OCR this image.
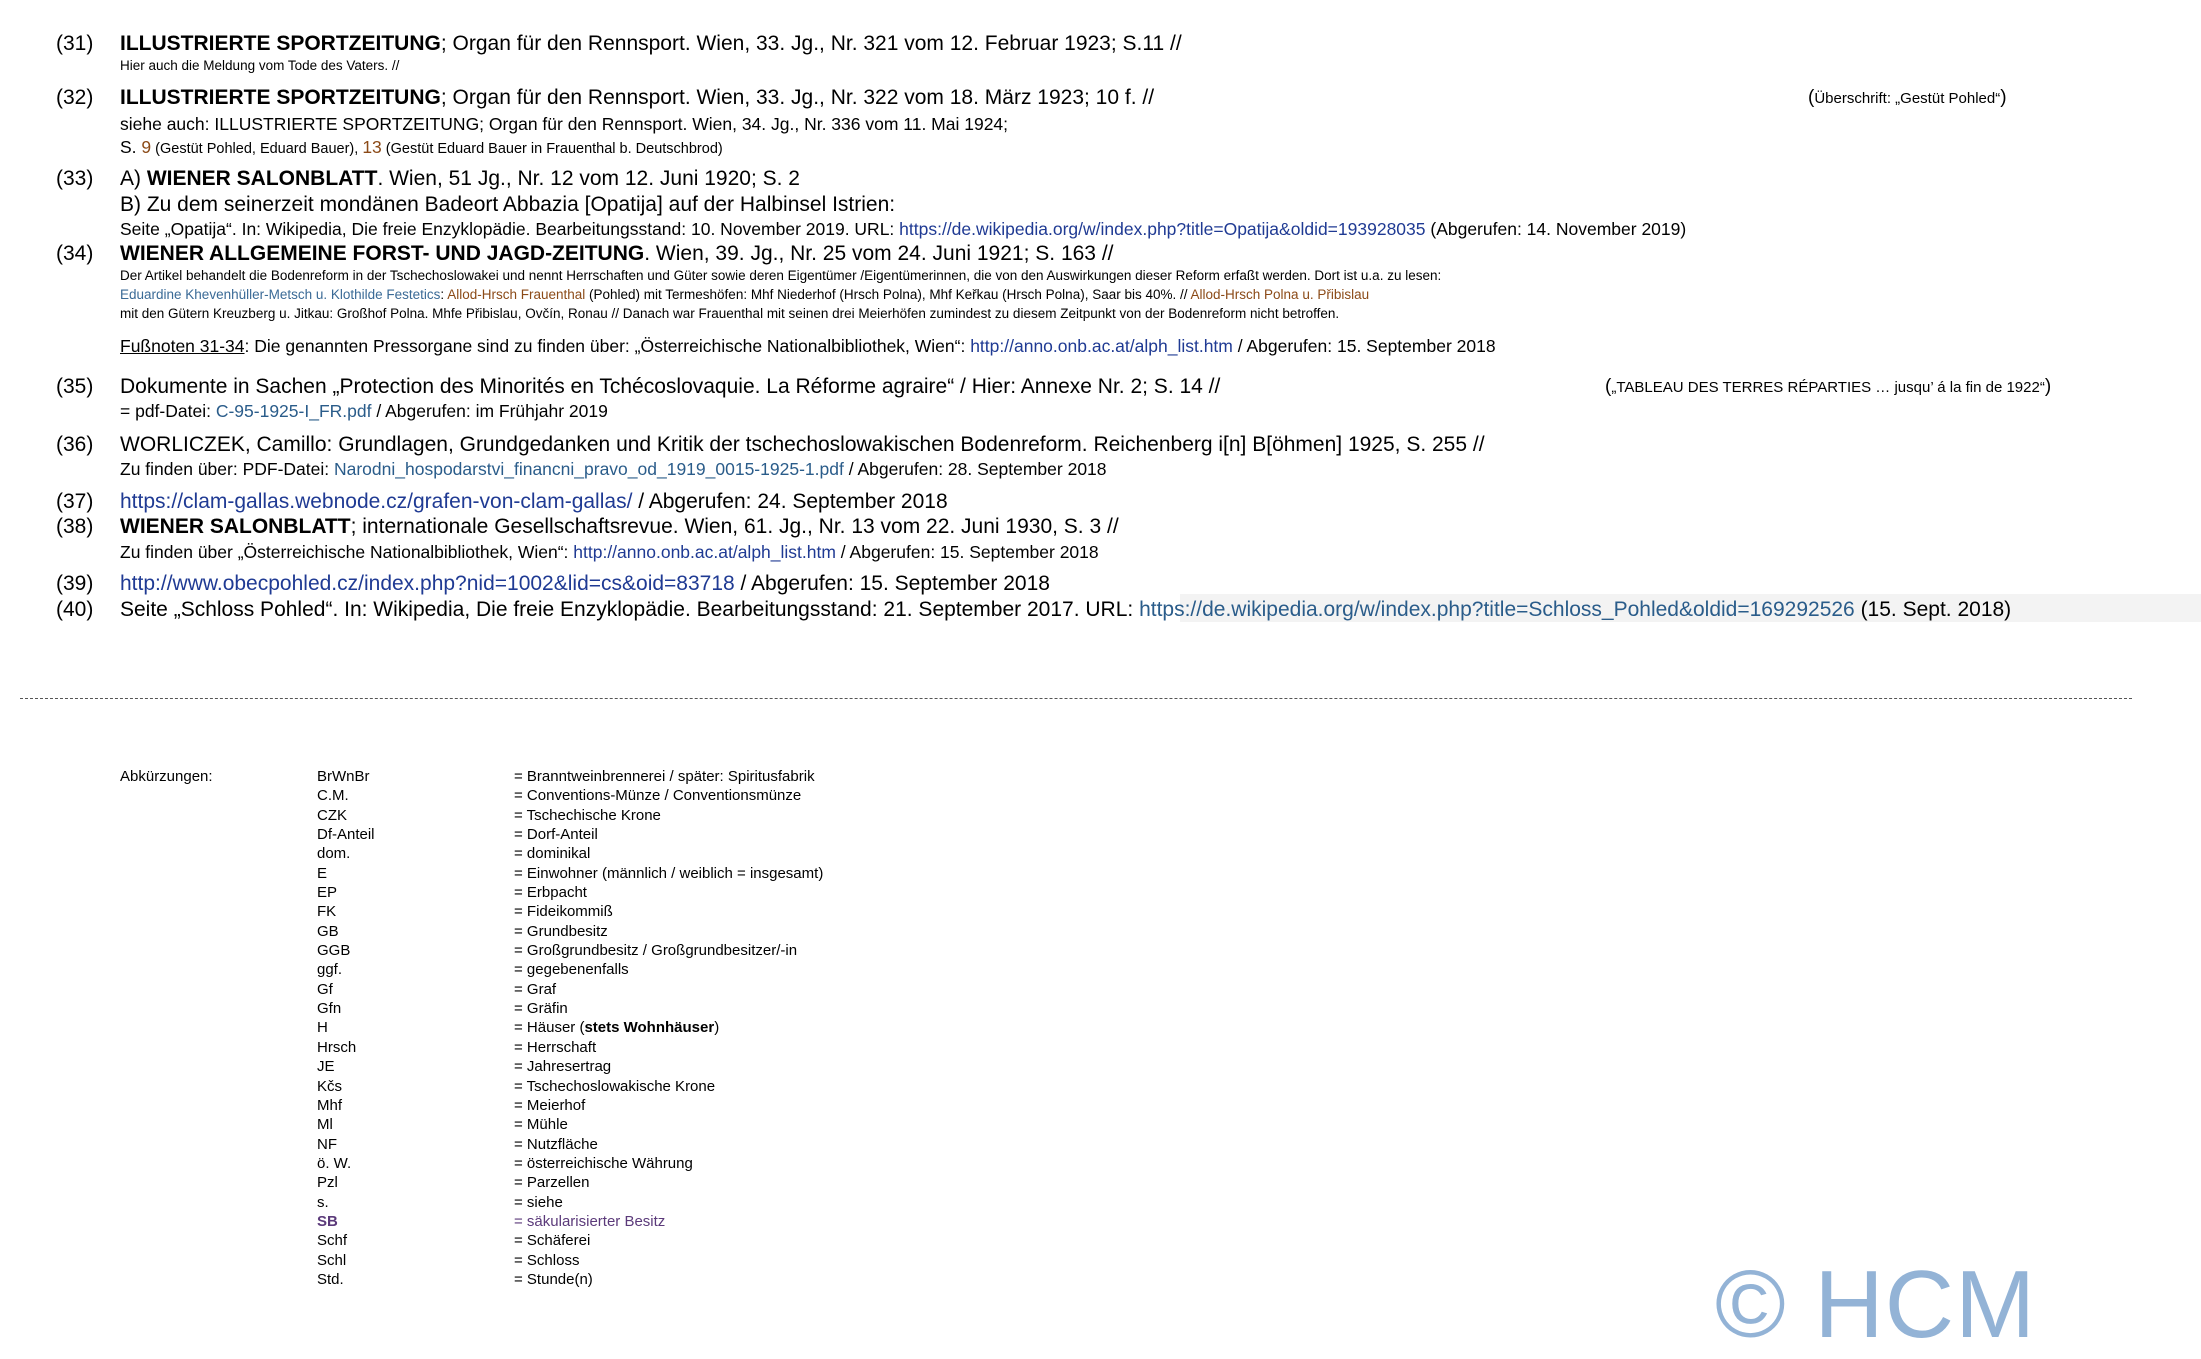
(31) ILLUSTRIERTE SPORTZEITUNG; Organ für den Rennsport. Wien, 33. Jg., Nr. 321 vom 12. Februar 1923; S.11 //
Hier auch die Meldung vom Tode des Vaters. //
(32) ILLUSTRIERTE SPORTZEITUNG; Organ für den Rennsport. Wien, 33. Jg., Nr. 322 vom 18. März 1923; 10 f. //	(Überschrift: „Gestüt Pohled“)
siehe auch: ILLUSTRIERTE SPORTZEITUNG; Organ für den Rennsport. Wien, 34. Jg., Nr. 336 vom 11. Mai 1924;
S. 9 (Gestüt Pohled, Eduard Bauer), 13 (Gestüt Eduard Bauer in Frauenthal b. Deutschbrod)
(33) A) WIENER SALONBLATT. Wien, 51 Jg., Nr. 12 vom 12. Juni 1920; S. 2
B) Zu dem seinerzeit mondänen Badeort Abbazia [Opatija] auf der Halbinsel Istrien:
Seite „Opatija“. In: Wikipedia, Die freie Enzyklopädie. Bearbeitungsstand: 10. November 2019. URL: https://de.wikipedia.org/w/index.php?title=Opatija&oldid=193928035 (Abgerufen: 14. November 2019)
(34) WIENER ALLGEMEINE FORST- UND JAGD-ZEITUNG. Wien, 39. Jg., Nr. 25 vom 24. Juni 1921; S. 163 //
Der Artikel behandelt die Bodenreform in der Tschechoslowakei und nennt Herrschaften und Güter sowie deren Eigentümer /Eigentümerinnen, die von den Auswirkungen dieser Reform erfaßt werden. Dort ist u.a. zu lesen:
Eduardine Khevenhüller-Metsch u. Klothilde Festetics: Allod-Hrsch Frauenthal (Pohled) mit Termeshöfen: Mhf Niederhof (Hrsch Polna), Mhf Keřkau (Hrsch Polna), Saar bis 40%. // Allod-Hrsch Polna u. Přibislau
mit den Gütern Kreuzberg u. Jitkau: Großhof Polna. Mhfe Přibislau, Ovčín, Ronau // Danach war Frauenthal mit seinen drei Meierhöfen zumindest zu diesem Zeitpunkt von der Bodenreform nicht betroffen.
Fußnoten 31-34: Die genannten Pressorgane sind zu finden über: „Österreichische Nationalbibliothek, Wien“: http://anno.onb.ac.at/alph_list.htm / Abgerufen: 15. September 2018
(35) Dokumente in Sachen „Protection des Minorités en Tchécoslovaquie. La Réforme agraire“ / Hier: Annexe Nr. 2; S. 14 //	(„TABLEAU DES TERRES RÉPARTIES … jusqu’ á la fin de 1922“)
= pdf-Datei: C-95-1925-I_FR.pdf / Abgerufen: im Frühjahr 2019
(36) WORLICZEK, Camillo: Grundlagen, Grundgedanken und Kritik der tschechoslowakischen Bodenreform. Reichenberg i[n] B[öhmen] 1925, S. 255 //
Zu finden über: PDF-Datei: Narodni_hospodarstvi_financni_pravo_od_1919_0015-1925-1.pdf / Abgerufen: 28. September 2018
(37) https://clam-gallas.webnode.cz/grafen-von-clam-gallas/ / Abgerufen: 24. September 2018
(38) WIENER SALONBLATT; internationale Gesellschaftsrevue. Wien, 61. Jg., Nr. 13 vom 22. Juni 1930, S. 3 //
Zu finden über „Österreichische Nationalbibliothek, Wien“: http://anno.onb.ac.at/alph_list.htm / Abgerufen: 15. September 2018
(39) http://www.obecpohled.cz/index.php?nid=1002&lid=cs&oid=83718 / Abgerufen: 15. September 2018
(40) Seite „Schloss Pohled“. In: Wikipedia, Die freie Enzyklopädie. Bearbeitungsstand: 21. September 2017. URL: https://de.wikipedia.org/w/index.php?title=Schloss_Pohled&oldid=169292526 (15. Sept. 2018)
Abkürzungen:	BrWnBr	= Branntweinbrennerei / später: Spiritusfabrik
C.M.	= Conventions-Münze / Conventionsmünze
CZK	= Tschechische Krone
Df-Anteil	= Dorf-Anteil
dom.	= dominikal
E	= Einwohner (männlich / weiblich = insgesamt)
EP	= Erbpacht
FK	= Fideikommiß
GB	= Grundbesitz
GGB	= Großgrundbesitz / Großgrundbesitzer/-in
ggf.	= gegebenenfalls
Gf	= Graf
Gfn	= Gräfin
H	= Häuser (stets Wohnhäuser)
Hrsch	= Herrschaft
JE	= Jahresertrag
Kčs	= Tschechoslowakische Krone
Mhf	= Meierhof
Ml	= Mühle
NF	= Nutzfläche
ö. W.	= österreichische Währung
Pzl	= Parzellen
s.	= siehe
SB	= säkularisierter Besitz
Schf	= Schäferei
Schl	= Schloss
Std.	= Stunde(n)	© HCM
